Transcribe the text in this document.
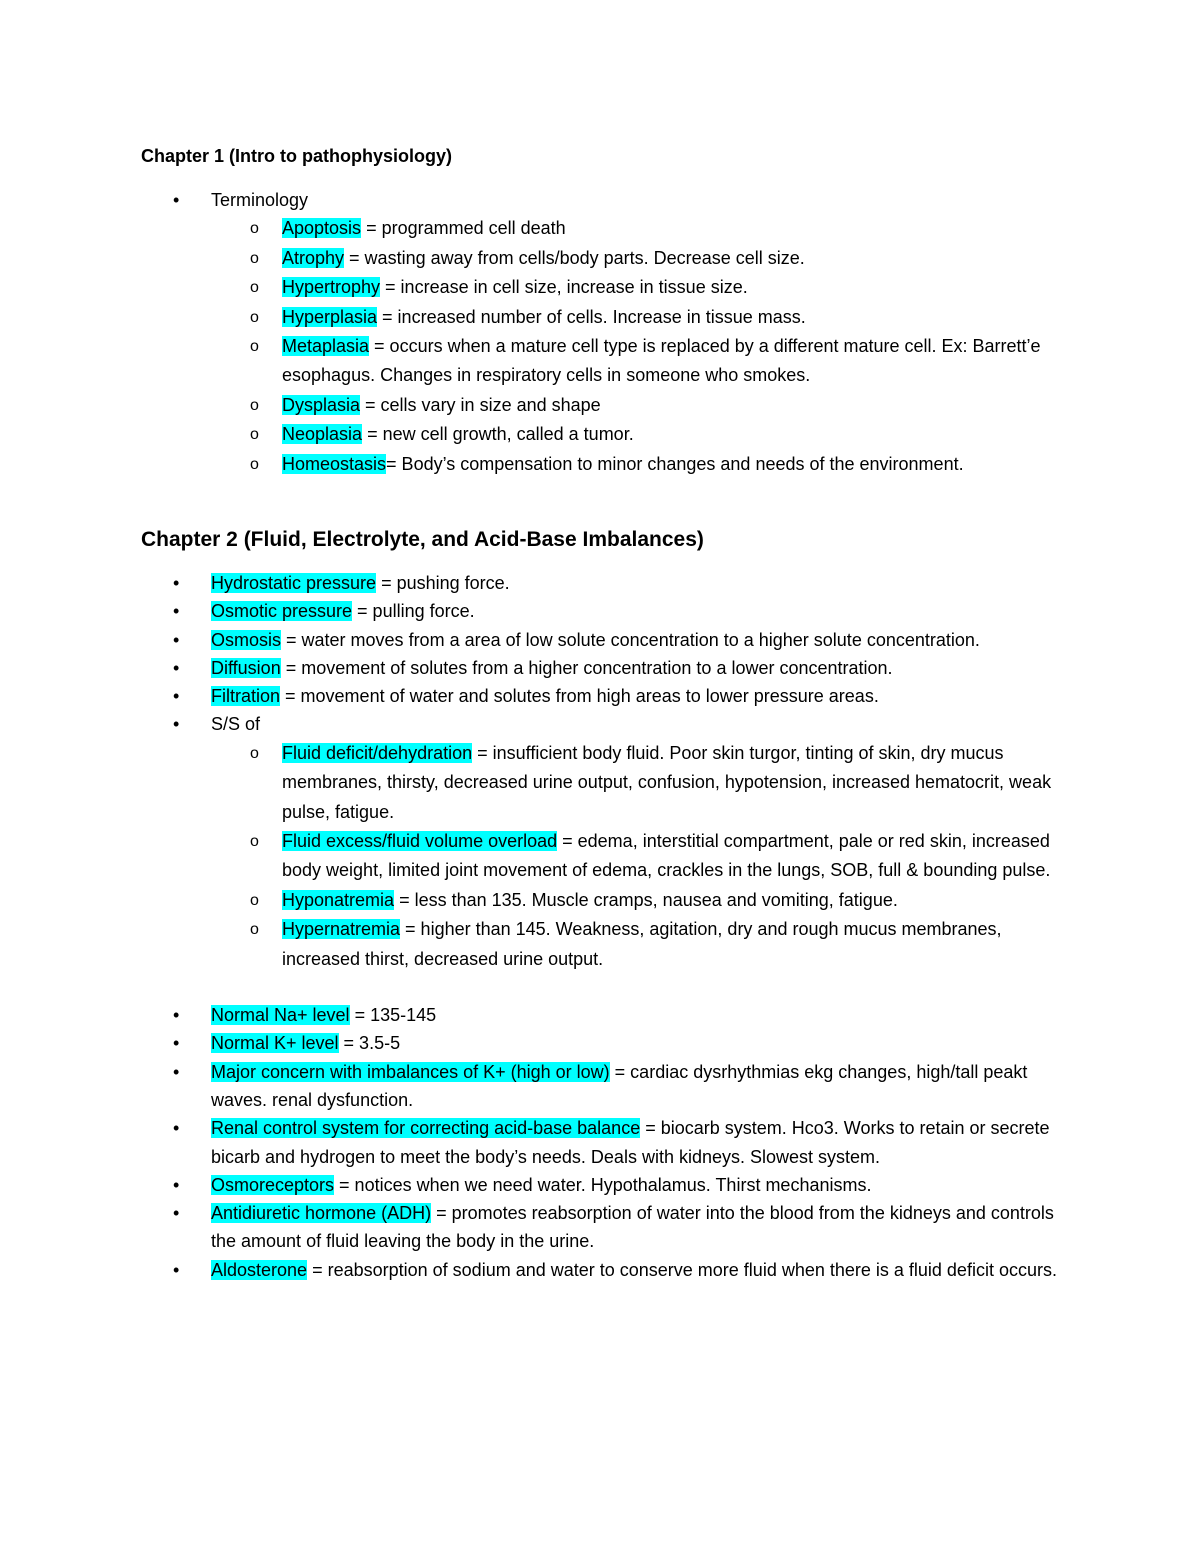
Chapter 1 (Intro to pathophysiology)
• Terminology
o Apoptosis = programmed cell death
o Atrophy = wasting away from cells/body parts. Decrease cell size.
o Hypertrophy = increase in cell size, increase in tissue size.
o Hyperplasia = increased number of cells. Increase in tissue mass.
o Metaplasia = occurs when a mature cell type is replaced by a different mature cell. Ex: Barrett’e esophagus. Changes in respiratory cells in someone who smokes.
o Dysplasia = cells vary in size and shape
o Neoplasia = new cell growth, called a tumor.
o Homeostasis= Body’s compensation to minor changes and needs of the environment.
Chapter 2 (Fluid, Electrolyte, and Acid-Base Imbalances)
• Hydrostatic pressure = pushing force.
• Osmotic pressure = pulling force.
• Osmosis = water moves from a area of low solute concentration to a higher solute concentration.
• Diffusion = movement of solutes from a higher concentration to a lower concentration.
• Filtration = movement of water and solutes from high areas to lower pressure areas.
• S/S of
o Fluid deficit/dehydration = insufficient body fluid. Poor skin turgor, tinting of skin, dry mucus membranes, thirsty, decreased urine output, confusion, hypotension, increased hematocrit, weak pulse, fatigue.
o Fluid excess/fluid volume overload = edema, interstitial compartment, pale or red skin, increased body weight, limited joint movement of edema, crackles in the lungs, SOB, full & bounding pulse.
o Hyponatremia = less than 135. Muscle cramps, nausea and vomiting, fatigue.
o Hypernatremia = higher than 145. Weakness, agitation, dry and rough mucus membranes, increased thirst, decreased urine output.
• Normal Na+ level = 135-145
• Normal K+ level = 3.5-5
• Major concern with imbalances of K+ (high or low) = cardiac dysrhythmias ekg changes, high/tall peakt waves. renal dysfunction.
• Renal control system for correcting acid-base balance = biocarb system. Hco3. Works to retain or secrete bicarb and hydrogen to meet the body’s needs. Deals with kidneys. Slowest system.
• Osmoreceptors = notices when we need water. Hypothalamus. Thirst mechanisms.
• Antidiuretic hormone (ADH) = promotes reabsorption of water into the blood from the kidneys and controls the amount of fluid leaving the body in the urine.
• Aldosterone = reabsorption of sodium and water to conserve more fluid when there is a fluid deficit occurs.
